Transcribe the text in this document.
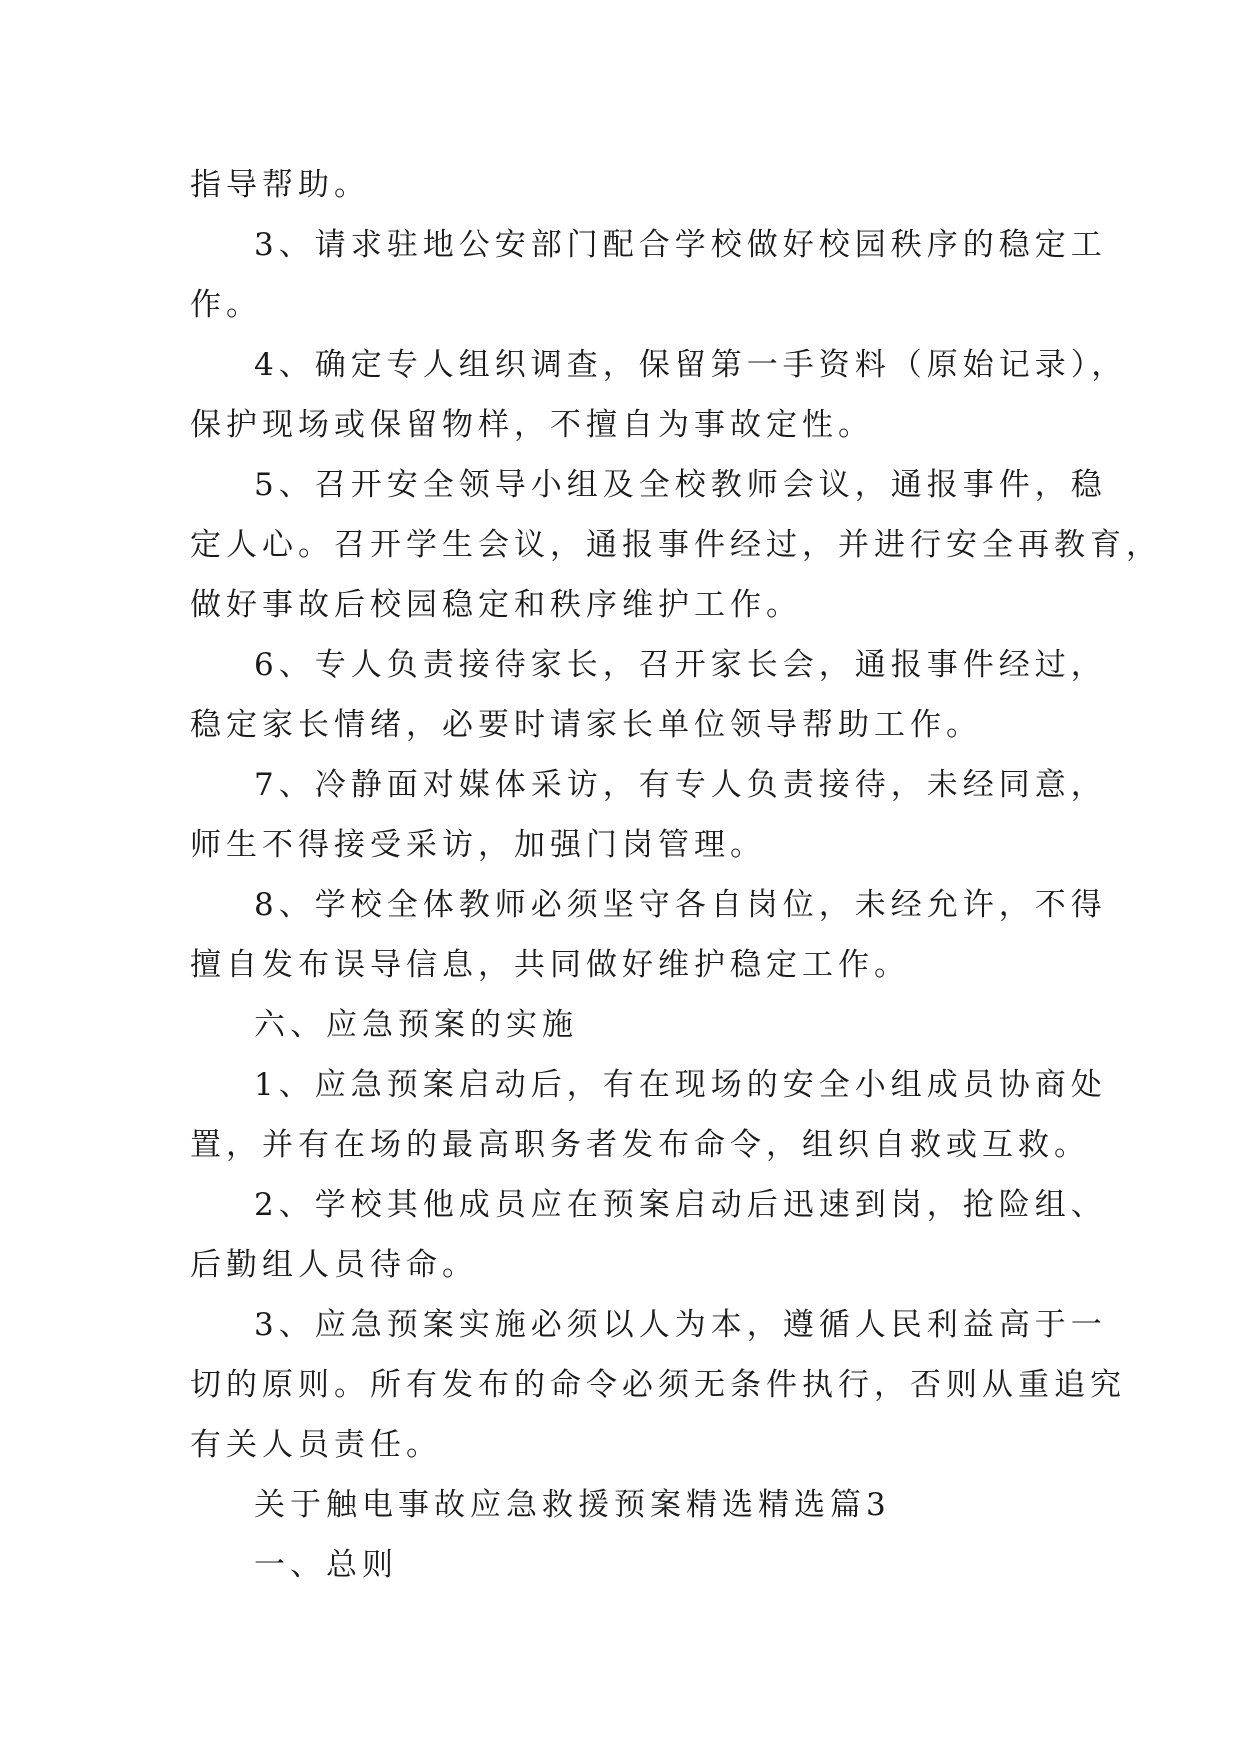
指导帮助。
3、请求驻地公安部门配合学校做好校园秩序的稳定工
作。
4、确定专人组织调查，保留第一手资料（原始记录），
保护现场或保留物样，不擅自为事故定性。
5、召开安全领导小组及全校教师会议，通报事件，稳
定人心。召开学生会议，通报事件经过，并进行安全再教育，
做好事故后校园稳定和秩序维护工作。
6、专人负责接待家长，召开家长会，通报事件经过，
稳定家长情绪，必要时请家长单位领导帮助工作。
7、冷静面对媒体采访，有专人负责接待，未经同意，
师生不得接受采访，加强门岗管理。
8、学校全体教师必须坚守各自岗位，未经允许，不得
擅自发布误导信息，共同做好维护稳定工作。
六、应急预案的实施
1、应急预案启动后，有在现场的安全小组成员协商处
置，并有在场的最高职务者发布命令，组织自救或互救。
2、学校其他成员应在预案启动后迅速到岗，抢险组、
后勤组人员待命。
3、应急预案实施必须以人为本，遵循人民利益高于一
切的原则。所有发布的命令必须无条件执行，否则从重追究
有关人员责任。
关于触电事故应急救援预案精选精选篇3
一、总则
